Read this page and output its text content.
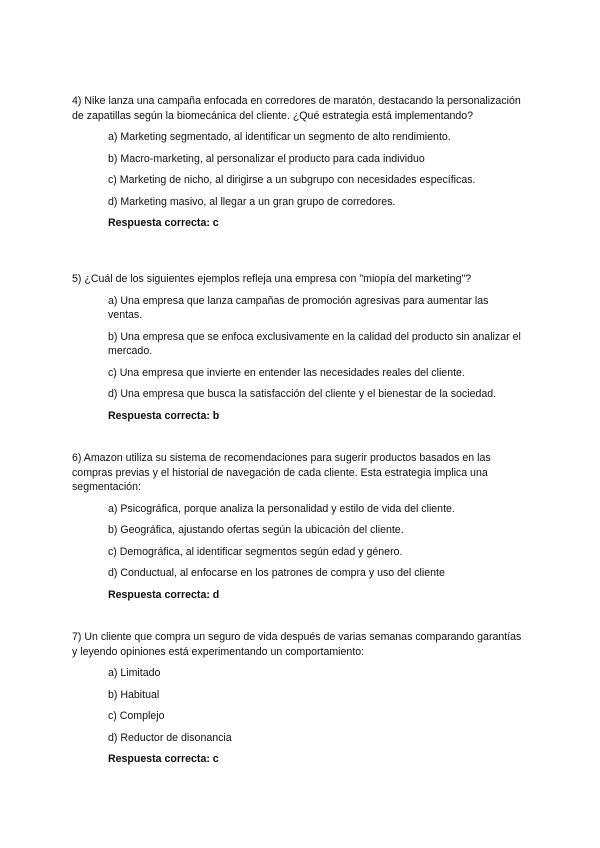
4) Nike lanza una campaña enfocada en corredores de maratón, destacando la personalización de zapatillas según la biomecánica del cliente. ¿Qué estrategia está implementando?

a) Marketing segmentado, al identificar un segmento de alto rendimiento.

b) Macro-marketing, al personalizar el producto para cada individuo

c) Marketing de nicho, al dirigirse a un subgrupo con necesidades específicas.

d) Marketing masivo, al llegar a un gran grupo de corredores.

Respuesta correcta: c

5) ¿Cuál de los siguientes ejemplos refleja una empresa con "miopía del marketing"?

a) Una empresa que lanza campañas de promoción agresivas para aumentar las ventas.

b) Una empresa que se enfoca exclusivamente en la calidad del producto sin analizar el mercado.

c) Una empresa que invierte en entender las necesidades reales del cliente.

d) Una empresa que busca la satisfacción del cliente y el bienestar de la sociedad.

Respuesta correcta: b

6) Amazon utiliza su sistema de recomendaciones para sugerir productos basados en las compras previas y el historial de navegación de cada cliente. Esta estrategia implica una segmentación:

a) Psicográfica, porque analiza la personalidad y estilo de vida del cliente.

b) Geográfica, ajustando ofertas según la ubicación del cliente.

c) Demográfica, al identificar segmentos según edad y género.

d) Conductual, al enfocarse en los patrones de compra y uso del cliente

Respuesta correcta: d

7) Un cliente que compra un seguro de vida después de varias semanas comparando garantías y leyendo opiniones está experimentando un comportamiento:

a) Limitado

b) Habitual

c) Complejo

d) Reductor de disonancia

Respuesta correcta: c
